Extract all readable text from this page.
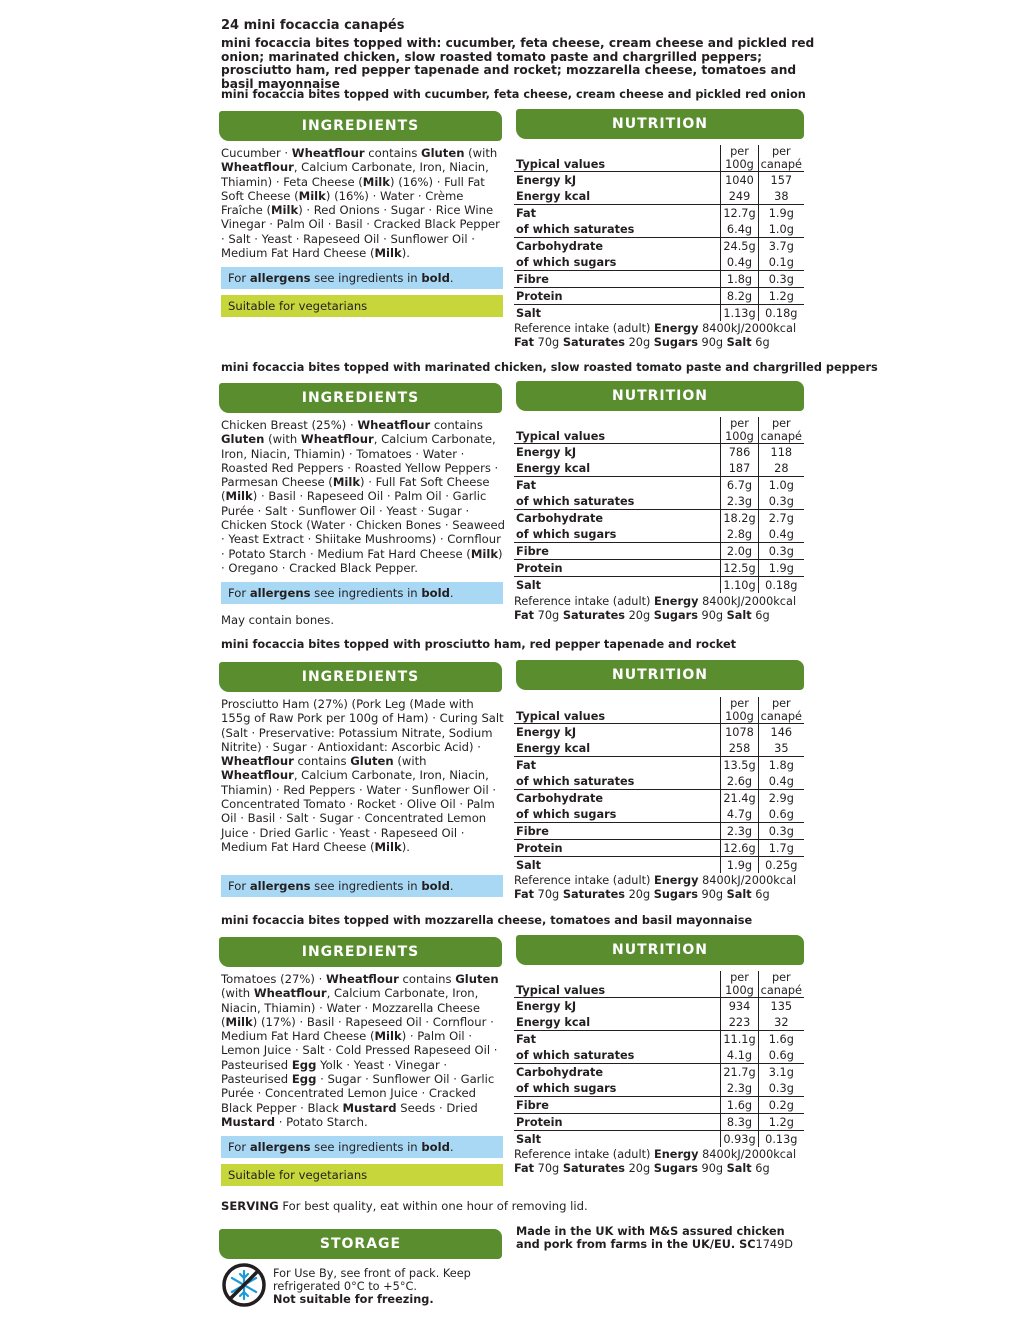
24 mini focaccia canapés
mini focaccia bites topped with: cucumber, feta cheese, cream cheese and pickled red onion; marinated chicken, slow roasted tomato paste and chargrilled peppers; prosciutto ham, red pepper tapenade and rocket; mozzarella cheese, tomatoes and basil mayonnaise
mini focaccia bites topped with cucumber, feta cheese, cream cheese and pickled red onion
INGREDIENTS	NUTRITION
Cucumber · Wheatflour contains Gluten (with Wheatflour, Calcium Carbonate, Iron, Niacin, Thiamin) · Feta Cheese (Milk) (16%) · Full Fat Soft Cheese (Milk) (16%) · Water · Crème Fraîche (Milk) · Red Onions · Sugar · Rice Wine Vinegar · Palm Oil · Basil · Cracked Black Pepper · Salt · Yeast · Rapeseed Oil · Sunflower Oil · Medium Fat Hard Cheese (Milk).
For allergens see ingredients in bold.
Suitable for vegetarians
	per	per
Typical values	100g	canapé
Energy kJ	1040	157
Energy kcal	249	38
Fat	12.7g	1.9g
of which saturates	6.4g	1.0g
Carbohydrate	24.5g	3.7g
of which sugars	0.4g	0.1g
Fibre	1.8g	0.3g
Protein	8.2g	1.2g
Salt	1.13g	0.18g
Reference intake (adult) Energy 8400kJ/2000kcal
Fat 70g Saturates 20g Sugars 90g Salt 6g
mini focaccia bites topped with marinated chicken, slow roasted tomato paste and chargrilled peppers
INGREDIENTS	NUTRITION
Chicken Breast (25%) · Wheatflour contains Gluten (with Wheatflour, Calcium Carbonate, Iron, Niacin, Thiamin) · Tomatoes · Water · Roasted Red Peppers · Roasted Yellow Peppers · Parmesan Cheese (Milk) · Full Fat Soft Cheese (Milk) · Basil · Rapeseed Oil · Palm Oil · Garlic Purée · Salt · Sunflower Oil · Yeast · Sugar · Chicken Stock (Water · Chicken Bones · Seaweed · Yeast Extract · Shiitake Mushrooms) · Cornflour · Potato Starch · Medium Fat Hard Cheese (Milk) · Oregano · Cracked Black Pepper.
For allergens see ingredients in bold.
May contain bones.
	per	per
Typical values	100g	canapé
Energy kJ	786	118
Energy kcal	187	28
Fat	6.7g	1.0g
of which saturates	2.3g	0.3g
Carbohydrate	18.2g	2.7g
of which sugars	2.8g	0.4g
Fibre	2.0g	0.3g
Protein	12.5g	1.9g
Salt	1.10g	0.18g
Reference intake (adult) Energy 8400kJ/2000kcal
Fat 70g Saturates 20g Sugars 90g Salt 6g
mini focaccia bites topped with prosciutto ham, red pepper tapenade and rocket
INGREDIENTS	NUTRITION
Prosciutto Ham (27%) (Pork Leg (Made with 155g of Raw Pork per 100g of Ham) · Curing Salt (Salt · Preservative: Potassium Nitrate, Sodium Nitrite) · Sugar · Antioxidant: Ascorbic Acid) · Wheatflour contains Gluten (with Wheatflour, Calcium Carbonate, Iron, Niacin, Thiamin) · Red Peppers · Water · Sunflower Oil · Concentrated Tomato · Rocket · Olive Oil · Palm Oil · Basil · Salt · Sugar · Concentrated Lemon Juice · Dried Garlic · Yeast · Rapeseed Oil · Medium Fat Hard Cheese (Milk).
For allergens see ingredients in bold.
	per	per
Typical values	100g	canapé
Energy kJ	1078	146
Energy kcal	258	35
Fat	13.5g	1.8g
of which saturates	2.6g	0.4g
Carbohydrate	21.4g	2.9g
of which sugars	4.7g	0.6g
Fibre	2.3g	0.3g
Protein	12.6g	1.7g
Salt	1.9g	0.25g
Reference intake (adult) Energy 8400kJ/2000kcal
Fat 70g Saturates 20g Sugars 90g Salt 6g
mini focaccia bites topped with mozzarella cheese, tomatoes and basil mayonnaise
INGREDIENTS	NUTRITION
Tomatoes (27%) · Wheatflour contains Gluten (with Wheatflour, Calcium Carbonate, Iron, Niacin, Thiamin) · Water · Mozzarella Cheese (Milk) (17%) · Basil · Rapeseed Oil · Cornflour · Medium Fat Hard Cheese (Milk) · Palm Oil · Lemon Juice · Salt · Cold Pressed Rapeseed Oil · Pasteurised Egg Yolk · Yeast · Vinegar · Pasteurised Egg · Sugar · Sunflower Oil · Garlic Purée · Concentrated Lemon Juice · Cracked Black Pepper · Black Mustard Seeds · Dried Mustard · Potato Starch.
For allergens see ingredients in bold.
Suitable for vegetarians
	per	per
Typical values	100g	canapé
Energy kJ	934	135
Energy kcal	223	32
Fat	11.1g	1.6g
of which saturates	4.1g	0.6g
Carbohydrate	21.7g	3.1g
of which sugars	2.3g	0.3g
Fibre	1.6g	0.2g
Protein	8.3g	1.2g
Salt	0.93g	0.13g
Reference intake (adult) Energy 8400kJ/2000kcal
Fat 70g Saturates 20g Sugars 90g Salt 6g
SERVING For best quality, eat within one hour of removing lid.
Made in the UK with M&S assured chicken and pork from farms in the UK/EU. SC1749D
STORAGE
For Use By, see front of pack. Keep refrigerated 0°C to +5°C.
Not suitable for freezing.
